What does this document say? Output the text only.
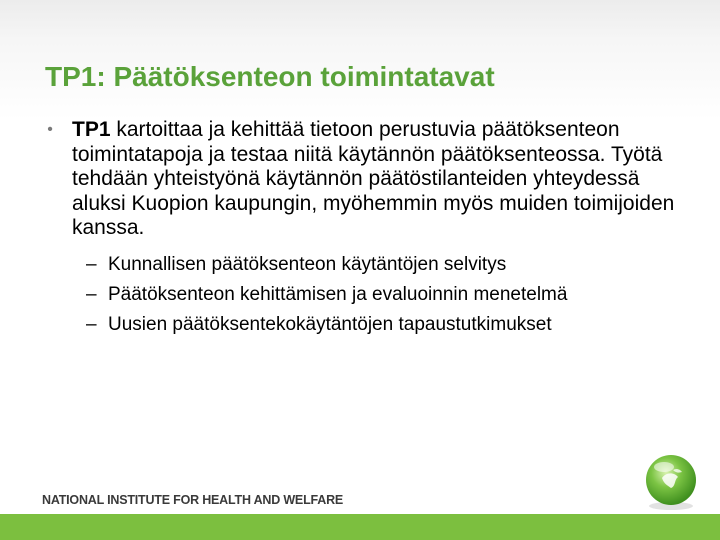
TP1: Päätöksenteon toimintatavat
•
TP1 kartoittaa ja kehittää tietoon perustuvia päätöksenteon toimintatapoja ja testaa niitä käytännön päätöksenteossa. Työtä tehdään yhteistyönä käytännön päätöstilanteiden yhteydessä aluksi Kuopion kaupungin, myöhemmin myös muiden toimijoiden kanssa.
–
Kunnallisen päätöksenteon käytäntöjen selvitys
–
Päätöksenteon kehittämisen ja evaluoinnin menetelmä
–
Uusien päätöksentekokäytäntöjen tapaustutkimukset
NATIONAL INSTITUTE FOR HEALTH AND WELFARE
